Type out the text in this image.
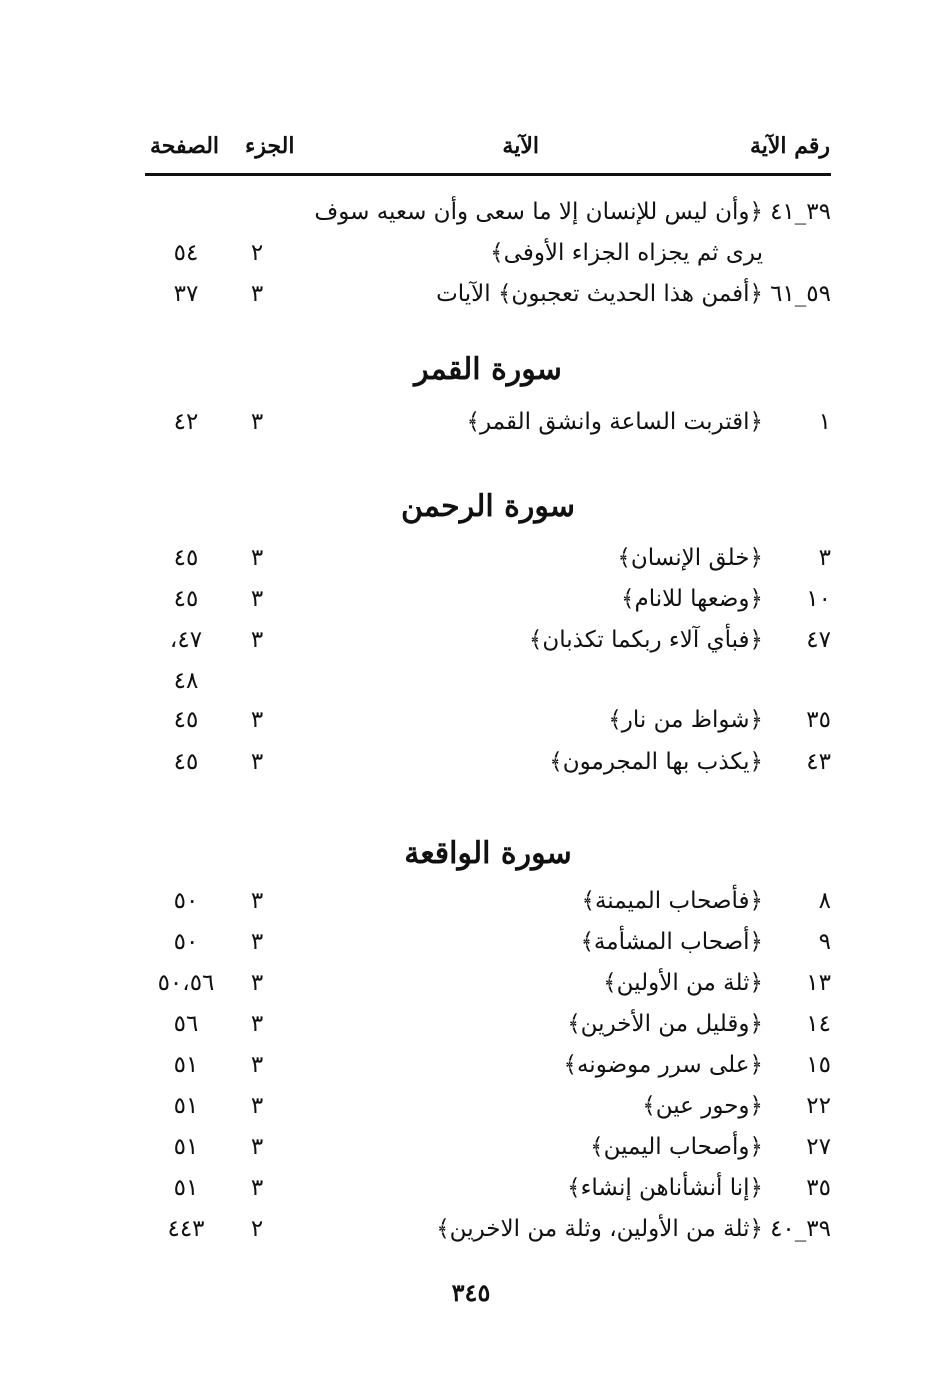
رقم الآية
الآية
الجزء
الصفحة
٣٩_٤١
﴿وأن ليس للإنسان إلا ما سعى وأن سعيه سوف
يرى ثم يجزاه الجزاء الأوفى﴾
٢
٥٤
٥٩_٦١
﴿أفمن هذا الحديث تعجبون﴾ الآيات
٣
٣٧
سورة القمر
١
﴿اقتربت الساعة وانشق القمر﴾
٣
٤٢
سورة الرحمن
٣
﴿خلق الإنسان﴾
٣
٤٥
١٠
﴿وضعها للانام﴾
٣
٤٥
٤٧
﴿فبأي آلاء ربكما تكذبان﴾
٣
٤٧،
٤٨
٣٥
﴿شواظ من نار﴾
٣
٤٥
٤٣
﴿يكذب بها المجرمون﴾
٣
٤٥
سورة الواقعة
٨
﴿فأصحاب الميمنة﴾
٣
٥٠
٩
﴿أصحاب المشأمة﴾
٣
٥٠
١٣
﴿ثلة من الأولين﴾
٣
٥٠،٥٦
١٤
﴿وقليل من الأخرين﴾
٣
٥٦
١٥
﴿على سرر موضونه﴾
٣
٥١
٢٢
﴿وحور عين﴾
٣
٥١
٢٧
﴿وأصحاب اليمين﴾
٣
٥١
٣٥
﴿إنا أنشأناهن إنشاء﴾
٣
٥١
٣٩_٤٠
﴿ثلة من الأولين، وثلة من الاخرين﴾
٢
٤٤٣
٣٤٥
